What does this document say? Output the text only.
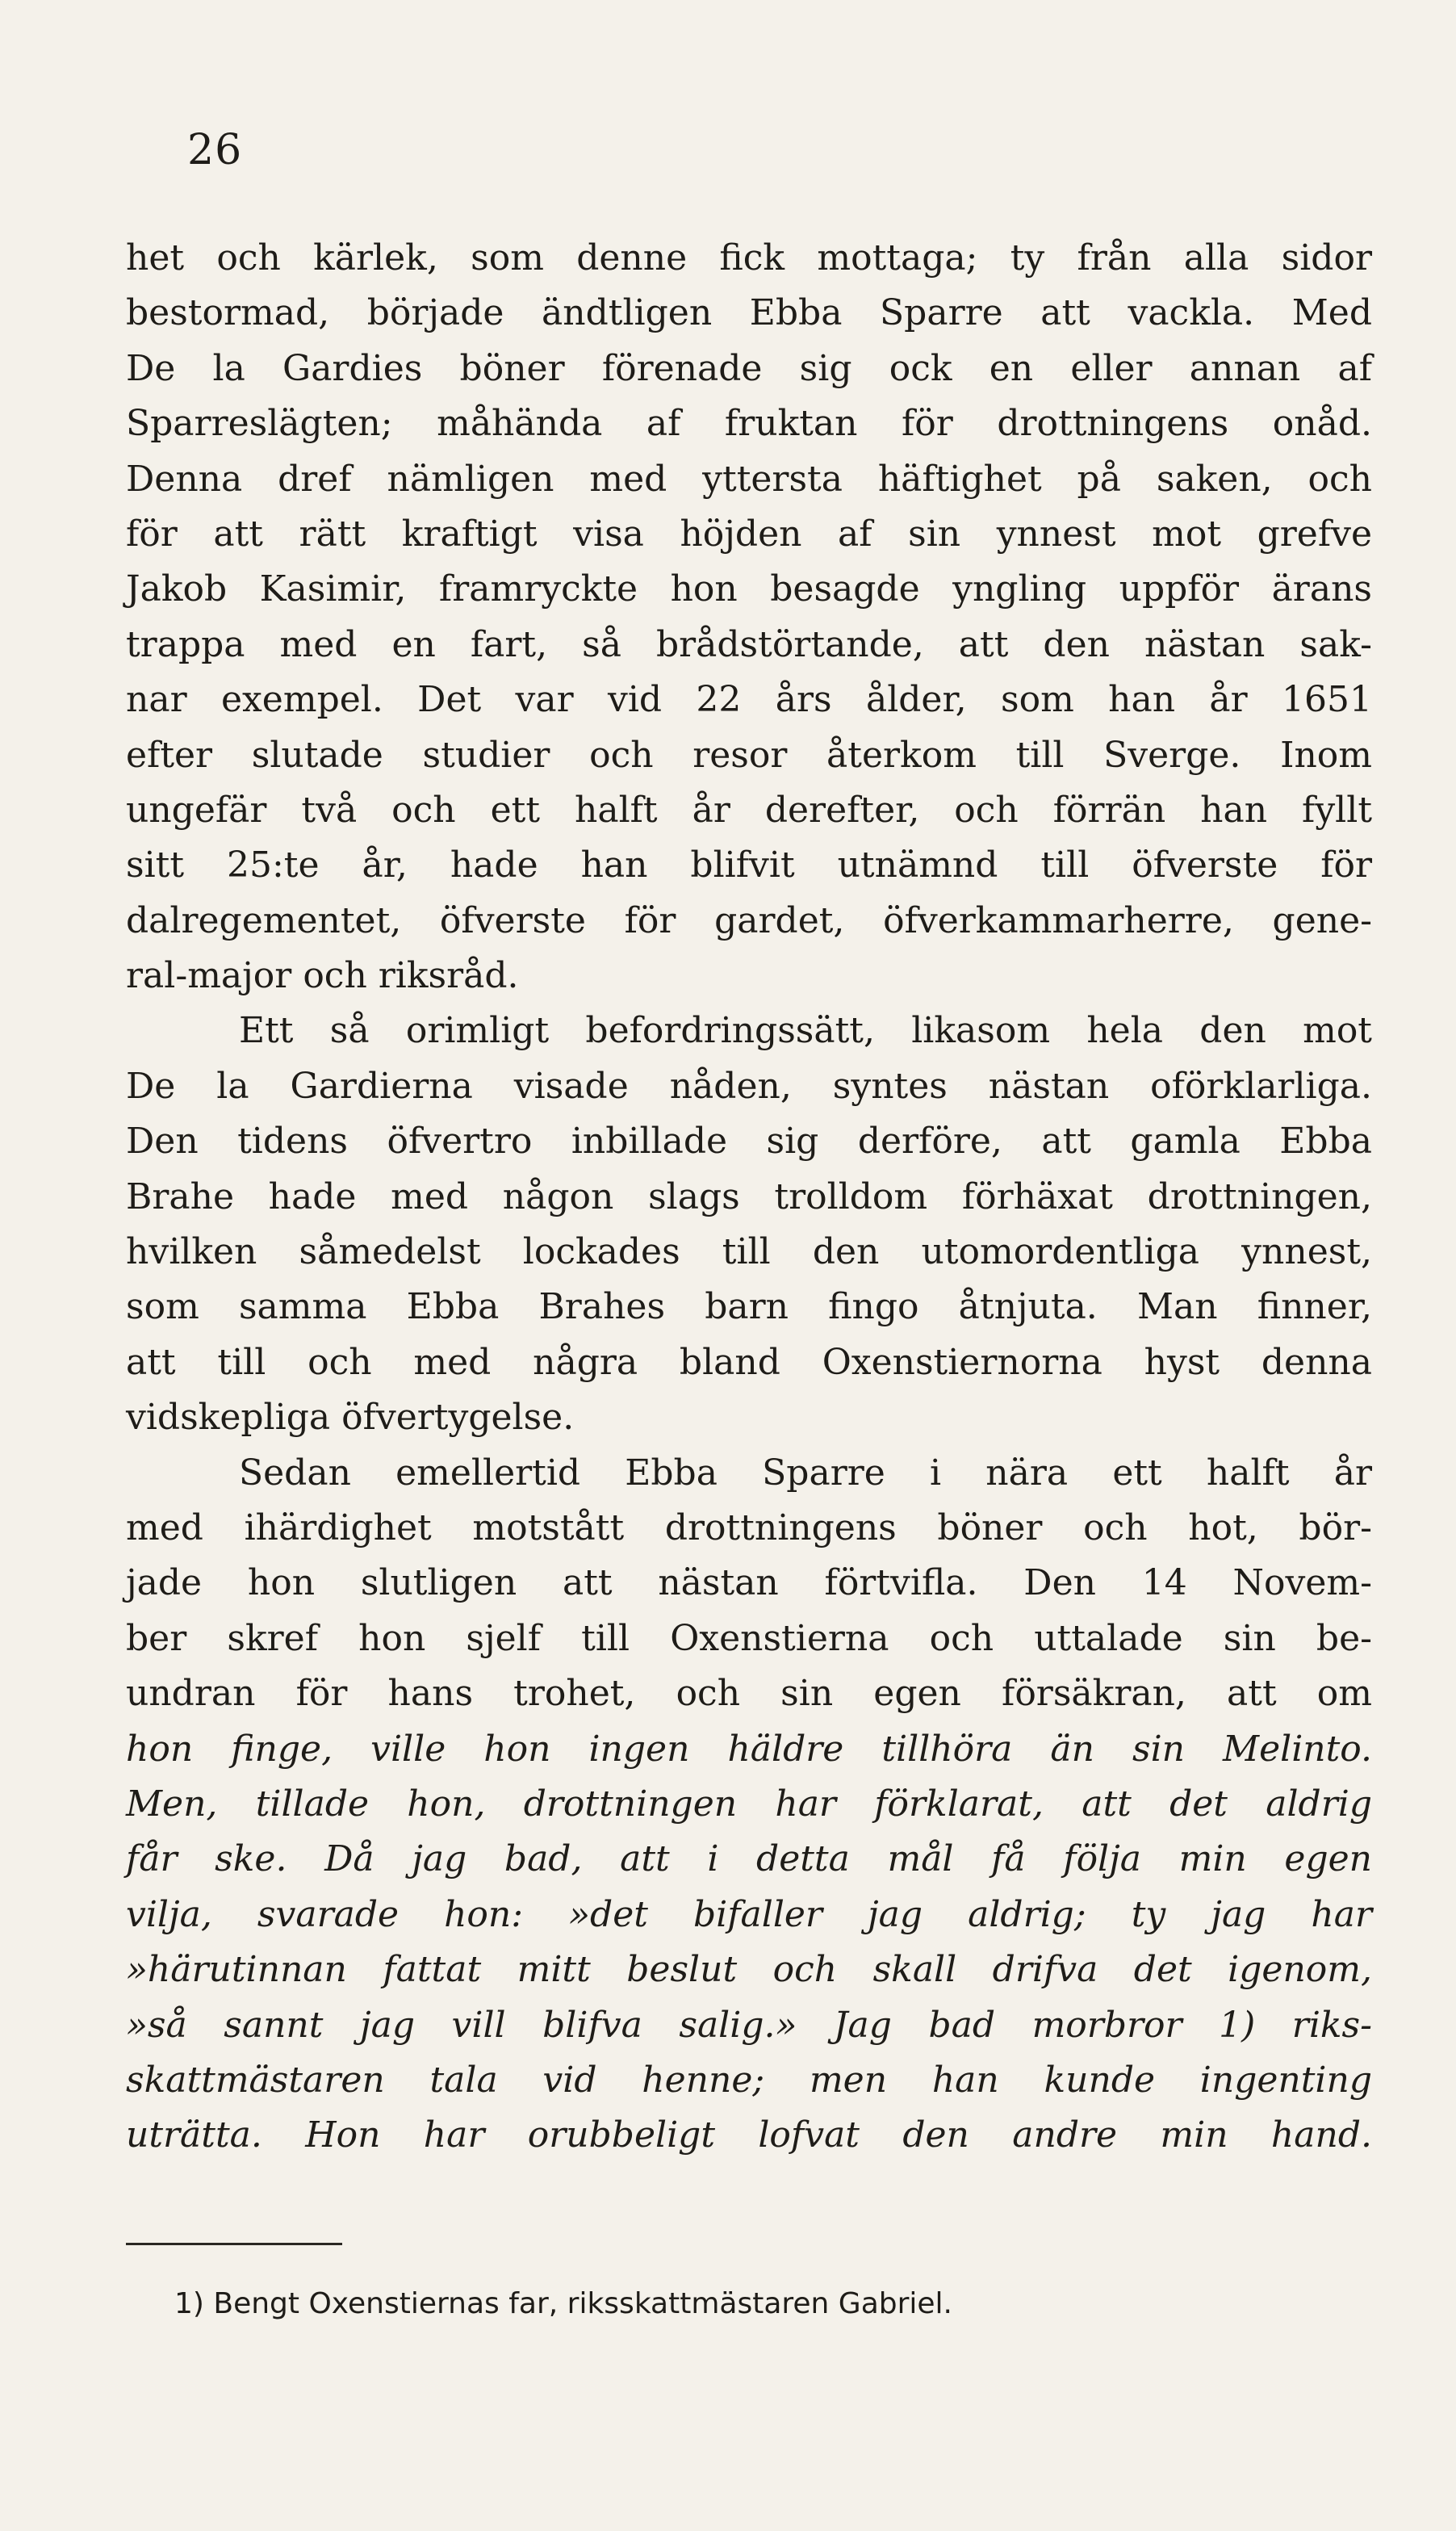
26
het och kärlek, som denne fick mottaga; ty från alla sidor
bestormad, började ändtligen Ebba Sparre att vackla. Med
De la Gardies böner förenade sig ock en eller annan af
Sparreslägten; måhända af fruktan för drottningens onåd.
Denna dref nämligen med yttersta häftighet på saken, och
för att rätt kraftigt visa höjden af sin ynnest mot grefve
Jakob Kasimir, framryckte hon besagde yngling uppför ärans
trappa med en fart, så brådstörtande, att den nästan sak-
nar exempel. Det var vid 22 års ålder, som han år 1651
efter slutade studier och resor återkom till Sverge. Inom
ungefär två och ett halft år derefter, och förrän han fyllt
sitt 25:te år, hade han blifvit utnämnd till öfverste för
dalregementet, öfverste för gardet, öfverkammarherre, gene-
ral-major och riksråd.
Ett så orimligt befordringssätt, likasom hela den mot
De la Gardierna visade nåden, syntes nästan oförklarliga.
Den tidens öfvertro inbillade sig derföre, att gamla Ebba
Brahe hade med någon slags trolldom förhäxat drottningen,
hvilken såmedelst lockades till den utomordentliga ynnest,
som samma Ebba Brahes barn fingo åtnjuta. Man finner,
att till och med några bland Oxenstiernorna hyst denna
vidskepliga öfvertygelse.
Sedan emellertid Ebba Sparre i nära ett halft år
med ihärdighet motstått drottningens böner och hot, bör-
jade hon slutligen att nästan förtvifla. Den 14 Novem-
ber skref hon sjelf till Oxenstierna och uttalade sin be-
undran för hans trohet, och sin egen försäkran, att om
hon finge, ville hon ingen häldre tillhöra än sin Melinto.
Men, tillade hon, drottningen har förklarat, att det aldrig
får ske. Då jag bad, att i detta mål få följa min egen
vilja, svarade hon: »det bifaller jag aldrig; ty jag har
»härutinnan fattat mitt beslut och skall drifva det igenom,
»så sannt jag vill blifva salig.» Jag bad morbror 1) riks-
skattmästaren tala vid henne; men han kunde ingenting
uträtta. Hon har orubbeligt lofvat den andre min hand.
1) Bengt Oxenstiernas far, riksskattmästaren Gabriel.
